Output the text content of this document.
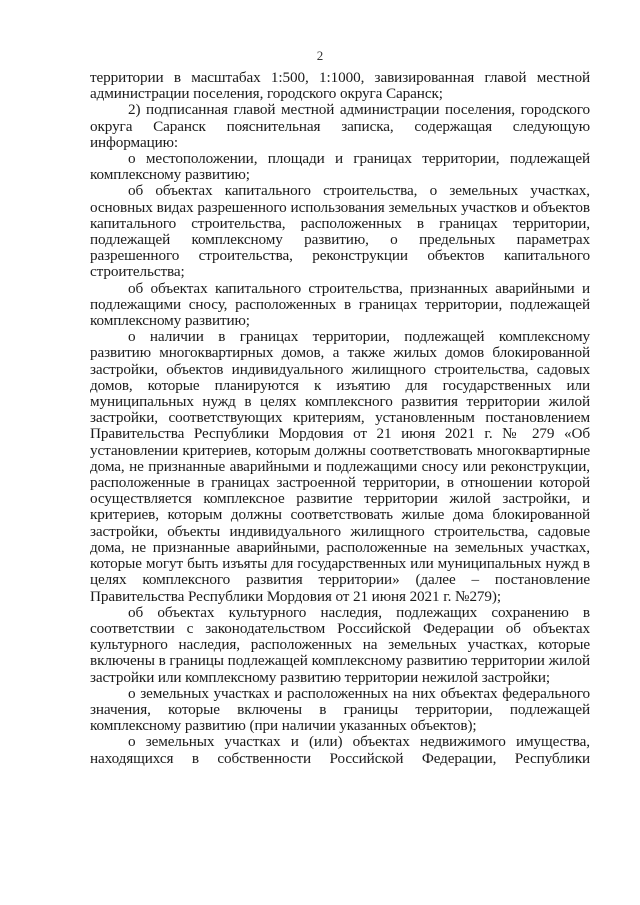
2

территории в масштабах 1:500, 1:1000, завизированная главой местной администрации поселения, городского округа Саранск;

2) подписанная главой местной администрации поселения, городского округа Саранск пояснительная записка, содержащая следующую информацию:

о местоположении, площади и границах территории, подлежащей комплексному развитию;

об объектах капитального строительства, о земельных участках, основных видах разрешенного использования земельных участков и объектов капитального строительства, расположенных в границах территории, подлежащей комплексному развитию, о предельных параметрах разрешенного строительства, реконструкции объектов капитального строительства;

об объектах капитального строительства, признанных аварийными и подлежащими сносу, расположенных в границах территории, подлежащей комплексному развитию;

о наличии в границах территории, подлежащей комплексному развитию многоквартирных домов, а также жилых домов блокированной застройки, объектов индивидуального жилищного строительства, садовых домов, которые планируются к изъятию для государственных или муниципальных нужд в целях комплексного развития территории жилой застройки, соответствующих критериям, установленным постановлением Правительства Республики Мордовия от 21 июня 2021 г. № 279 «Об установлении критериев, которым должны соответствовать многоквартирные дома, не признанные аварийными и подлежащими сносу или реконструкции, расположенные в границах застроенной территории, в отношении которой осуществляется комплексное развитие территории жилой застройки, и критериев, которым должны соответствовать жилые дома блокированной застройки, объекты индивидуального жилищного строительства, садовые дома, не признанные аварийными, расположенные на земельных участках, которые могут быть изъяты для государственных или муниципальных нужд в целях комплексного развития территории» (далее – постановление Правительства Республики Мордовия от 21 июня 2021 г. №279);

об объектах культурного наследия, подлежащих сохранению в соответствии с законодательством Российской Федерации об объектах культурного наследия, расположенных на земельных участках, которые включены в границы подлежащей комплексному развитию территории жилой застройки или комплексному развитию территории нежилой застройки;

о земельных участках и расположенных на них объектах федерального значения, которые включены в границы территории, подлежащей комплексному развитию (при наличии указанных объектов);

о земельных участках и (или) объектах недвижимого имущества, находящихся в собственности Российской Федерации, Республики
